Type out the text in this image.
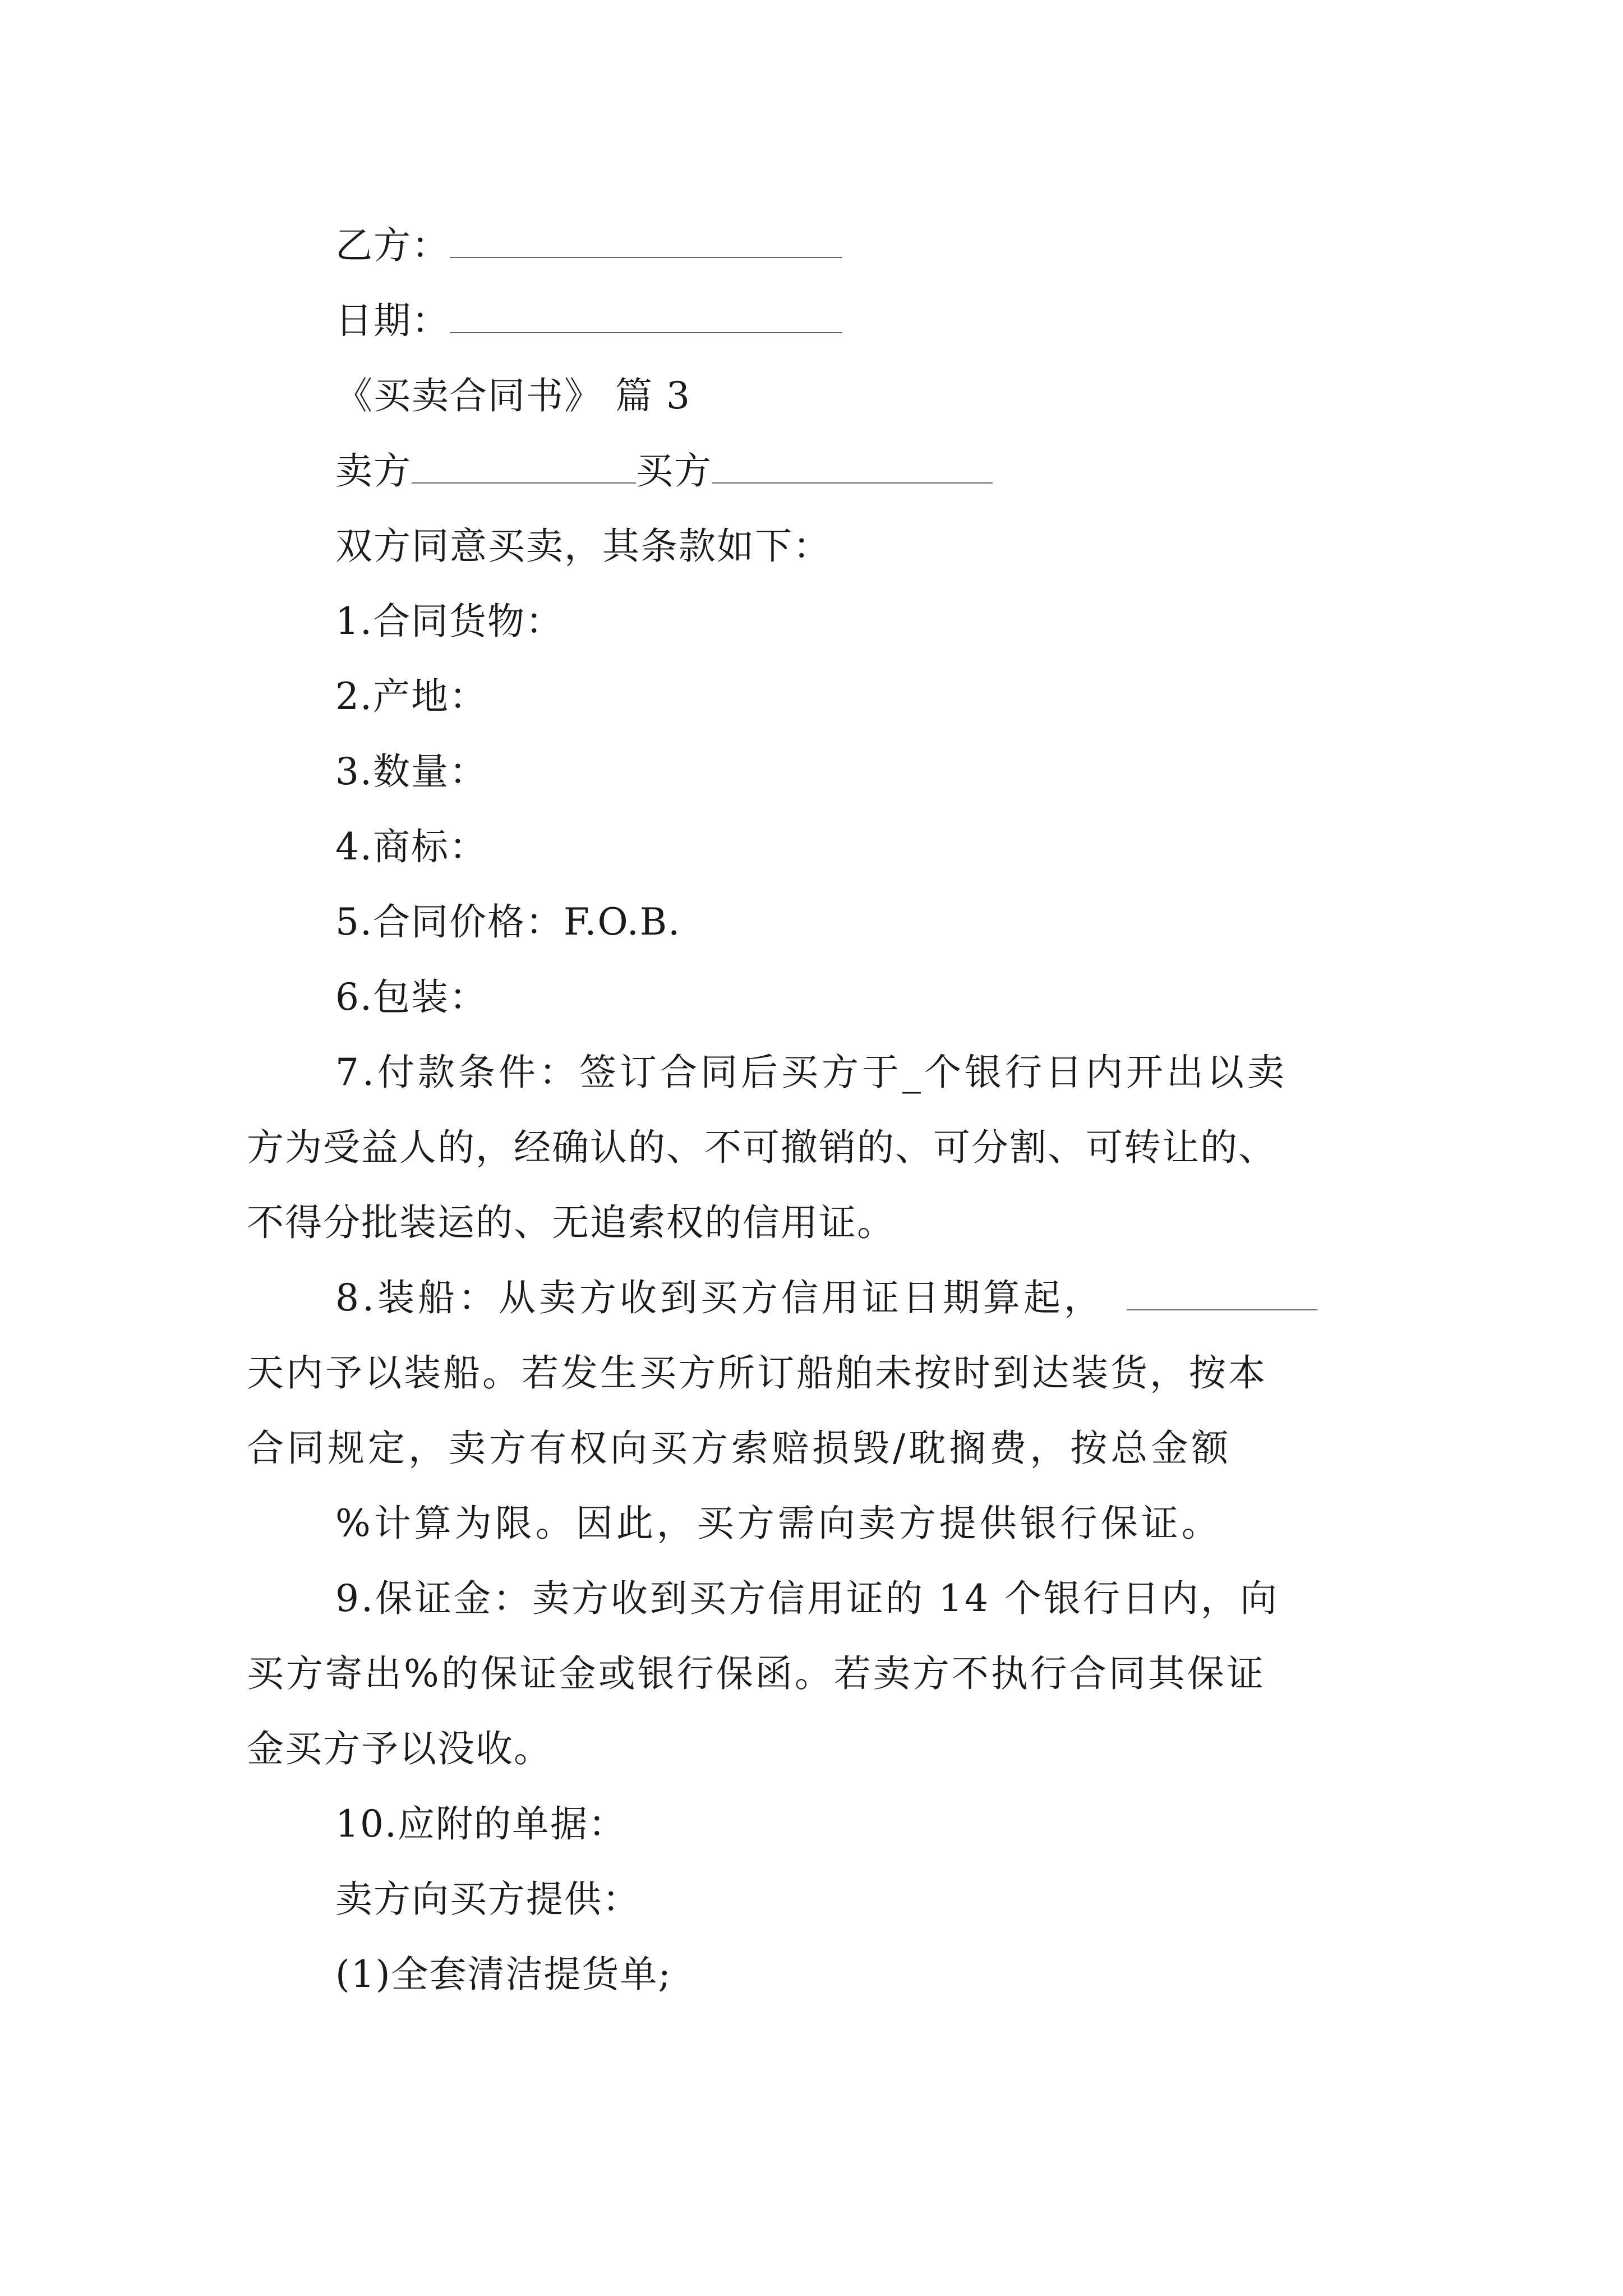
乙方：
日期：
《买卖合同书》 篇 3
卖方	买方
双方同意买卖，其条款如下：
1.合同货物：
2.产地：
3.数量：
4.商标：
5.合同价格：F.O.B.
6.包装：
7.付款条件：签订合同后买方于_个银行日内开出以卖
方为受益人的，经确认的、不可撤销的、可分割、可转让的、
不得分批装运的、无追索权的信用证。
8.装船：从卖方收到买方信用证日期算起，
天内予以装船。若发生买方所订船舶未按时到达装货，按本
合同规定，卖方有权向买方索赔损毁/耽搁费，按总金额
%计算为限。因此，买方需向卖方提供银行保证。
9.保证金：卖方收到买方信用证的 14 个银行日内，向
买方寄出%的保证金或银行保函。若卖方不执行合同其保证
金买方予以没收。
10.应附的单据：
卖方向买方提供：
(1)全套清洁提货单;
